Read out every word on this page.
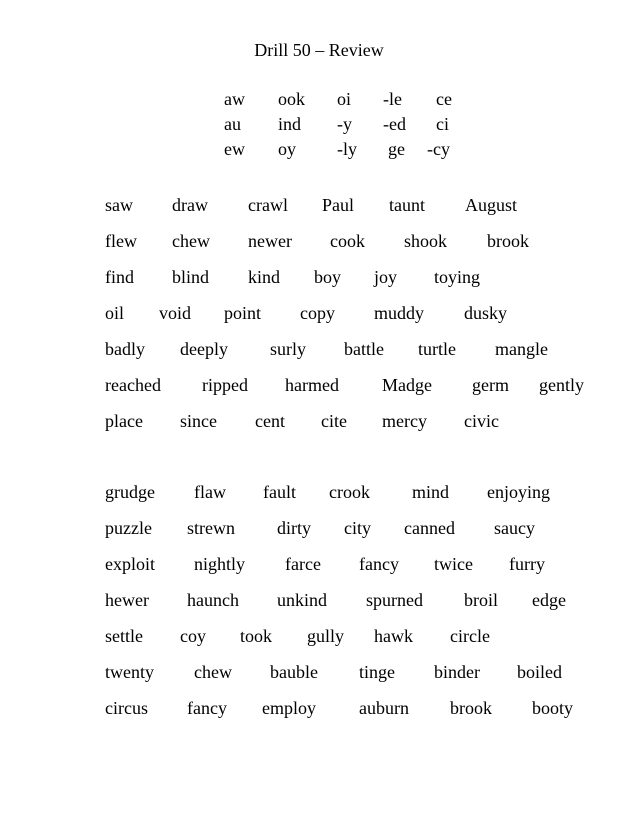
Drill 50 – Review
aw ook oi -le ce
au ind -y -ed ci
ew oy -ly ge -cy
saw draw crawl Paul taunt August
flew chew newer cook shook brook
find blind kind boy joy toying
oil void point copy muddy dusky
badly deeply surly battle turtle mangle
reached ripped harmed Madge germ gently
place since cent cite mercy civic
grudge flaw fault crook mind enjoying
puzzle strewn dirty city canned saucy
exploit nightly farce fancy twice furry
hewer haunch unkind spurned broil edge
settle coy took gully hawk circle
twenty chew bauble tinge binder boiled
circus fancy employ auburn brook booty
